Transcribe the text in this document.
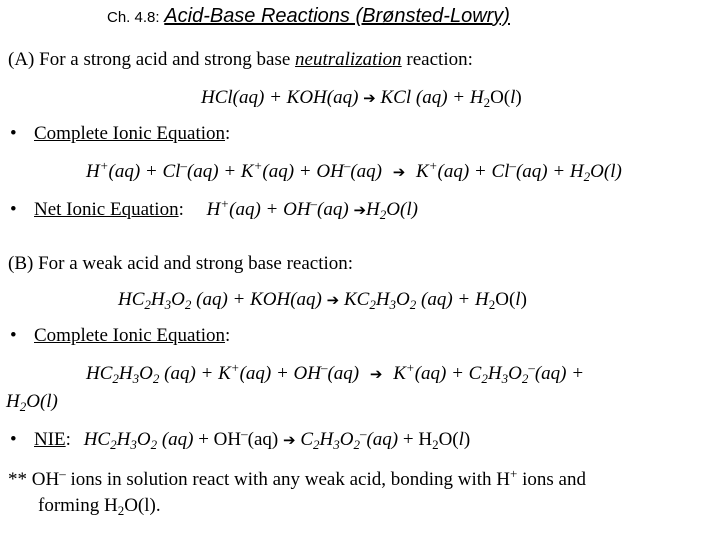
Ch. 4.8: Acid-Base Reactions (Brønsted-Lowry)
(A) For a strong acid and strong base neutralization reaction:
HCl(aq) + KOH(aq) ➔ KCl $(aq) + H_2O(l)$
• Complete Ionic Equation:
H+(aq) + Cl–(aq) + K+(aq) + OH–(aq) ➔ $K^+(aq) + Cl^-(aq) + H_2O(l)$
• Net Ionic Equation: H+(aq) + OH–(aq) $➔H_2O(l)$
(B) For a weak acid and strong base reaction:
$HC_2H_3O_2$ (aq) + KOH(aq) ➔ $KC_2H_3O_2$ $(aq) + H_2O(l)$
• Complete Ionic Equation:
$HC_2H_3O_2$ (aq) + K+(aq) + OH–(aq) ➔ $K^+(aq) + C_2H_3O_2^-(aq)$ +
$H_2O(l)$
• NIE: $HC_2H_3O_2$ (aq) + OH–(aq) ➔ $C_2H_3O_2^-(aq) + H_2O(l)$
** OH– ions in solution react with any weak acid, bonding with H+ ions and
forming $H_2O(l)$.
